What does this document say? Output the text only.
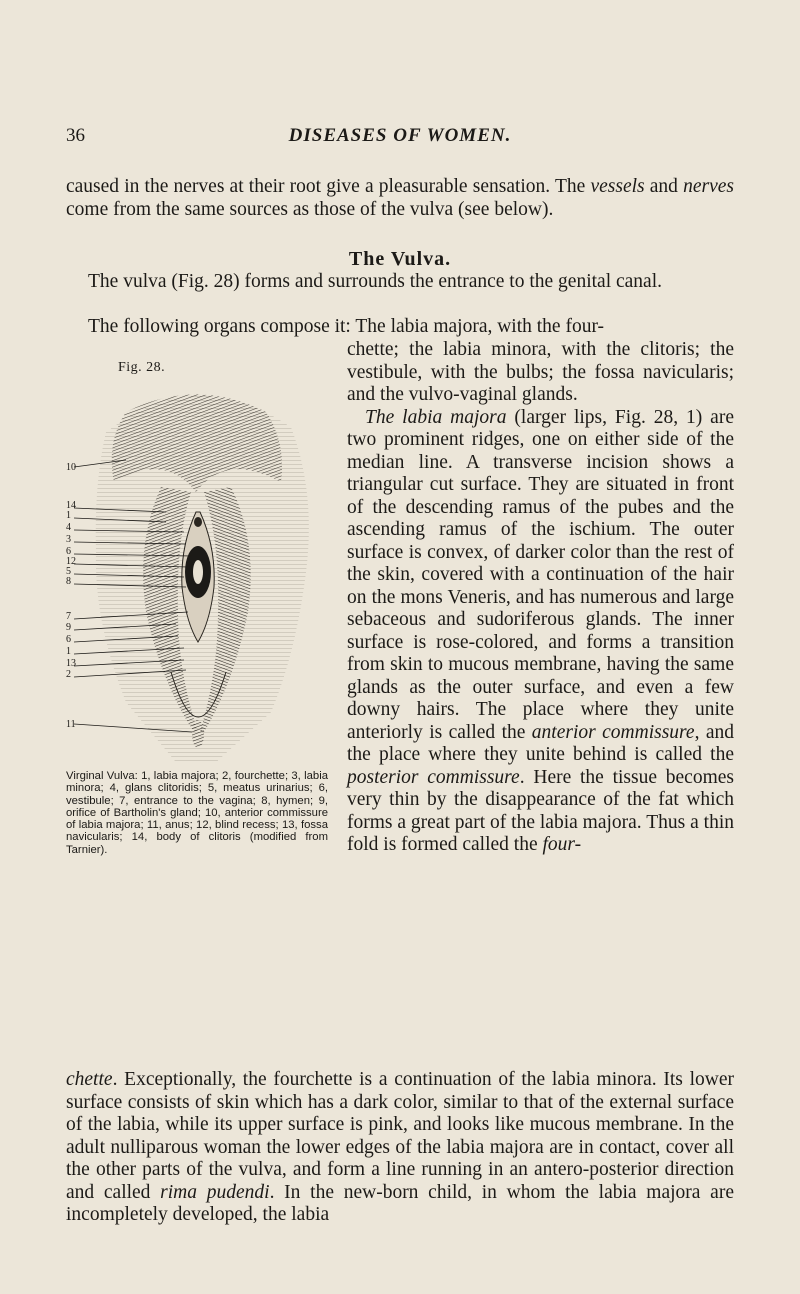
36	DISEASES OF WOMEN.

caused in the nerves at their root give a pleasurable sensation. The vessels and nerves come from the same sources as those of the vulva (see below).

The Vulva.

The vulva (Fig. 28) forms and surrounds the entrance to the genital canal.

The following organs compose it: The labia majora, with the four-

chette; the labia minora, with the clitoris; the vestibule, with the bulbs; the fossa navicularis; and the vulvo-vaginal glands.

The labia majora (larger lips, Fig. 28, 1) are two prominent ridges, one on either side of the median line. A transverse incision shows a triangular cut surface. They are situated in front of the descending ramus of the pubes and the ascending ramus of the ischium. The outer surface is convex, of darker color than the rest of the skin, covered with a continuation of the hair on the mons Veneris, and has numerous and large sebaceous and sudoriferous glands. The inner surface is rose-colored, and forms a transition from skin to mucous membrane, having the same glands as the outer surface, and even a few downy hairs. The place where they unite anteriorly is called the anterior commissure, and the place where they unite behind is called the posterior commissure. Here the tissue becomes very thin by the disappearance of the fat which forms a great part of the labia majora. Thus a thin fold is formed called the four-

Fig. 28.
10
14
1
4
3
6
12
5
8
7
9
6
1
13
2
11
Virginal Vulva: 1, labia majora; 2, fourchette; 3, labia minora; 4, glans clitoridis; 5, meatus urinarius; 6, vestibule; 7, entrance to the vagina; 8, hymen; 9, orifice of Bartholin's gland; 10, anterior commissure of labia majora; 11, anus; 12, blind recess; 13, fossa navicularis; 14, body of clitoris (modified from Tarnier).

chette. Exceptionally, the fourchette is a continuation of the labia minora. Its lower surface consists of skin which has a dark color, similar to that of the external surface of the labia, while its upper surface is pink, and looks like mucous membrane. In the adult nulliparous woman the lower edges of the labia majora are in contact, cover all the other parts of the vulva, and form a line running in an antero-posterior direction and called rima pudendi. In the new-born child, in whom the labia majora are incompletely developed, the labia
